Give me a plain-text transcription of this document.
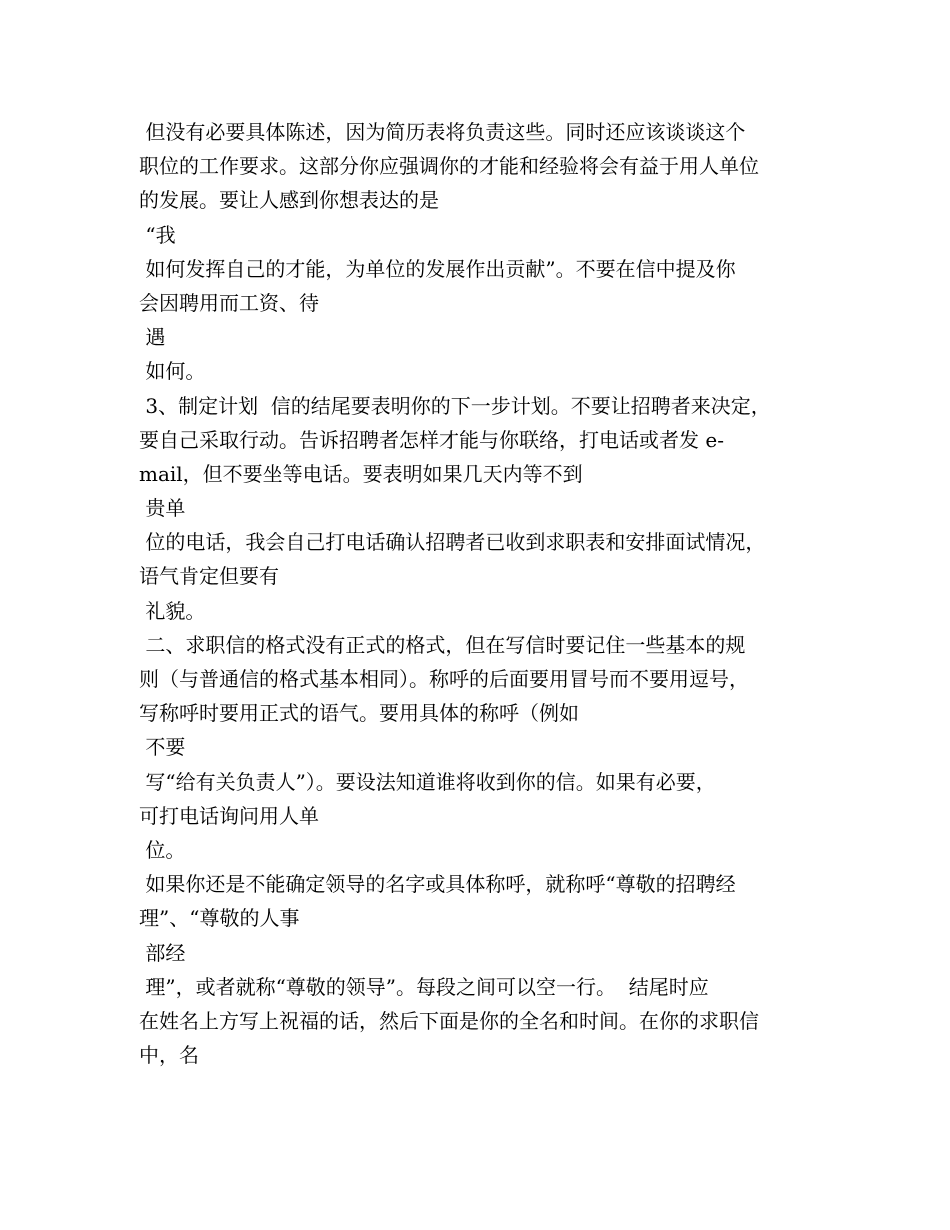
但没有必要具体陈述，因为简历表将负责这些。同时还应该谈谈这个
职位的工作要求。这部分你应强调你的才能和经验将会有益于用人单位
的发展。要让人感到你想表达的是
“我
如何发挥自己的才能，为单位的发展作出贡献”。不要在信中提及你
会因聘用而工资、待
遇
如何。
3、制定计划  信的结尾要表明你的下一步计划。不要让招聘者来决定，
要自己采取行动。告诉招聘者怎样才能与你联络，打电话或者发 e-
mail，但不要坐等电话。要表明如果几天内等不到
贵单
位的电话，我会自己打电话确认招聘者已收到求职表和安排面试情况，
语气肯定但要有
礼貌。
二、求职信的格式没有正式的格式，但在写信时要记住一些基本的规
则（与普通信的格式基本相同）。称呼的后面要用冒号而不要用逗号，
写称呼时要用正式的语气。要用具体的称呼（例如
不要
写“给有关负责人”）。要设法知道谁将收到你的信。如果有必要，
可打电话询问用人单
位。
如果你还是不能确定领导的名字或具体称呼，就称呼“尊敬的招聘经
理”、“尊敬的人事
部经
理”，或者就称“尊敬的领导”。每段之间可以空一行。  结尾时应
在姓名上方写上祝福的话，然后下面是你的全名和时间。在你的求职信
中，名
